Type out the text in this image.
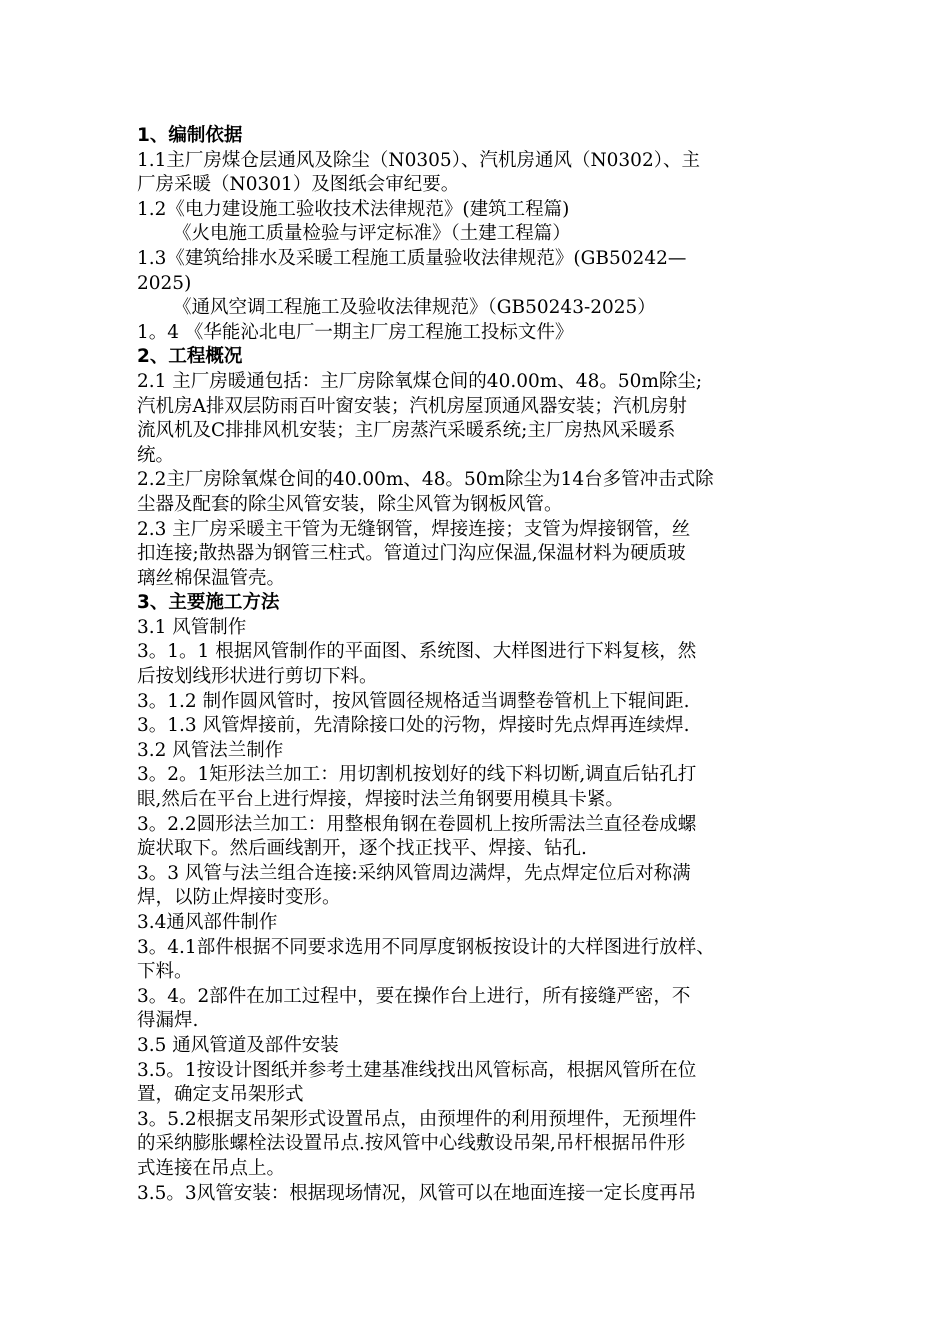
1、编制依据
1.1主厂房煤仓层通风及除尘（N0305）、汽机房通风（N0302）、主
厂房采暖（N0301）及图纸会审纪要。
1.2《电力建设施工验收技术法律规范》(建筑工程篇)
《火电施工质量检验与评定标准》（土建工程篇）
1.3《建筑给排水及采暖工程施工质量验收法律规范》(GB50242—
2025)
《通风空调工程施工及验收法律规范》（GB50243-2025）
1。4 《华能沁北电厂一期主厂房工程施工投标文件》
2、工程概况
2.1 主厂房暖通包括：主厂房除氧煤仓间的40.00m、48。50m除尘;
汽机房A排双层防雨百叶窗安装；汽机房屋顶通风器安装；汽机房射
流风机及C排排风机安装；主厂房蒸汽采暖系统;主厂房热风采暖系
统。
2.2主厂房除氧煤仓间的40.00m、48。50m除尘为14台多管冲击式除
尘器及配套的除尘风管安装，除尘风管为钢板风管。
2.3 主厂房采暖主干管为无缝钢管，焊接连接；支管为焊接钢管，丝
扣连接;散热器为钢管三柱式。管道过门沟应保温,保温材料为硬质玻
璃丝棉保温管壳。
3、主要施工方法
3.1 风管制作
3。1。1 根据风管制作的平面图、系统图、大样图进行下料复核，然
后按划线形状进行剪切下料。
3。1.2 制作圆风管时，按风管圆径规格适当调整卷管机上下辊间距.
3。1.3 风管焊接前，先清除接口处的污物，焊接时先点焊再连续焊.
3.2 风管法兰制作
3。2。1矩形法兰加工：用切割机按划好的线下料切断,调直后钻孔打
眼,然后在平台上进行焊接，焊接时法兰角钢要用模具卡紧。
3。2.2圆形法兰加工：用整根角钢在卷圆机上按所需法兰直径卷成螺
旋状取下。然后画线割开，逐个找正找平、焊接、钻孔.
3。3 风管与法兰组合连接:采纳风管周边满焊，先点焊定位后对称满
焊，以防止焊接时变形。
3.4通风部件制作
3。4.1部件根据不同要求选用不同厚度钢板按设计的大样图进行放样、
下料。
3。4。2部件在加工过程中，要在操作台上进行，所有接缝严密，不
得漏焊.
3.5 通风管道及部件安装
3.5。1按设计图纸并参考土建基准线找出风管标高，根据风管所在位
置，确定支吊架形式
3。5.2根据支吊架形式设置吊点，由预埋件的利用预埋件，无预埋件
的采纳膨胀螺栓法设置吊点.按风管中心线敷设吊架,吊杆根据吊件形
式连接在吊点上。
3.5。3风管安装：根据现场情况，风管可以在地面连接一定长度再吊
